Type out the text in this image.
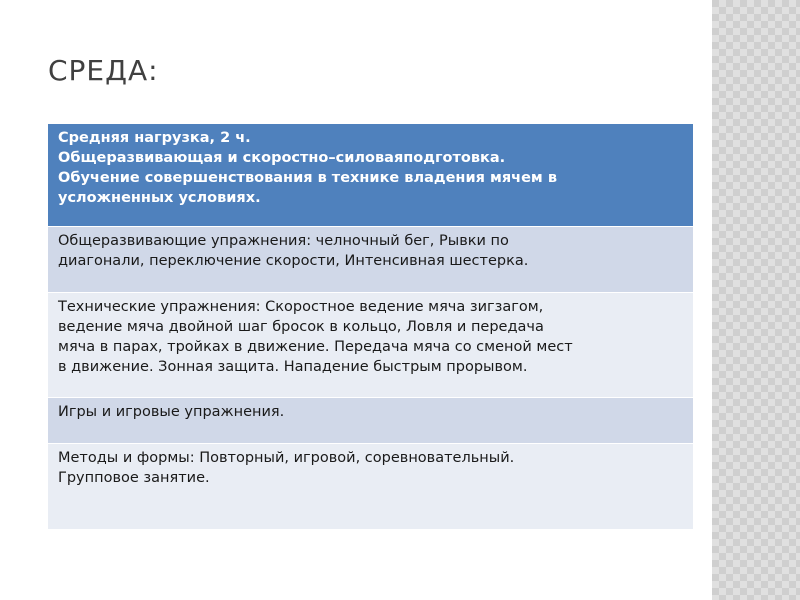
СРЕДА:
Средняя нагрузка, 2 ч.
Общеразвивающая и скоростно–силоваяподготовка.
Обучение совершенствования в технике владения мячем в
усложненных условиях.
Общеразвивающие упражнения: челночный бег, Рывки по
диагонали, переключение скорости, Интенсивная шестерка.
Технические упражнения: Скоростное ведение мяча зигзагом,
ведение мяча двойной шаг бросок в кольцо, Ловля и передача
мяча в парах, тройках в движение. Передача мяча со сменой мест
в движение. Зонная защита. Нападение быстрым прорывом.
Игры и игровые упражнения.
Методы и формы: Повторный, игровой, соревновательный.
Групповое занятие.
